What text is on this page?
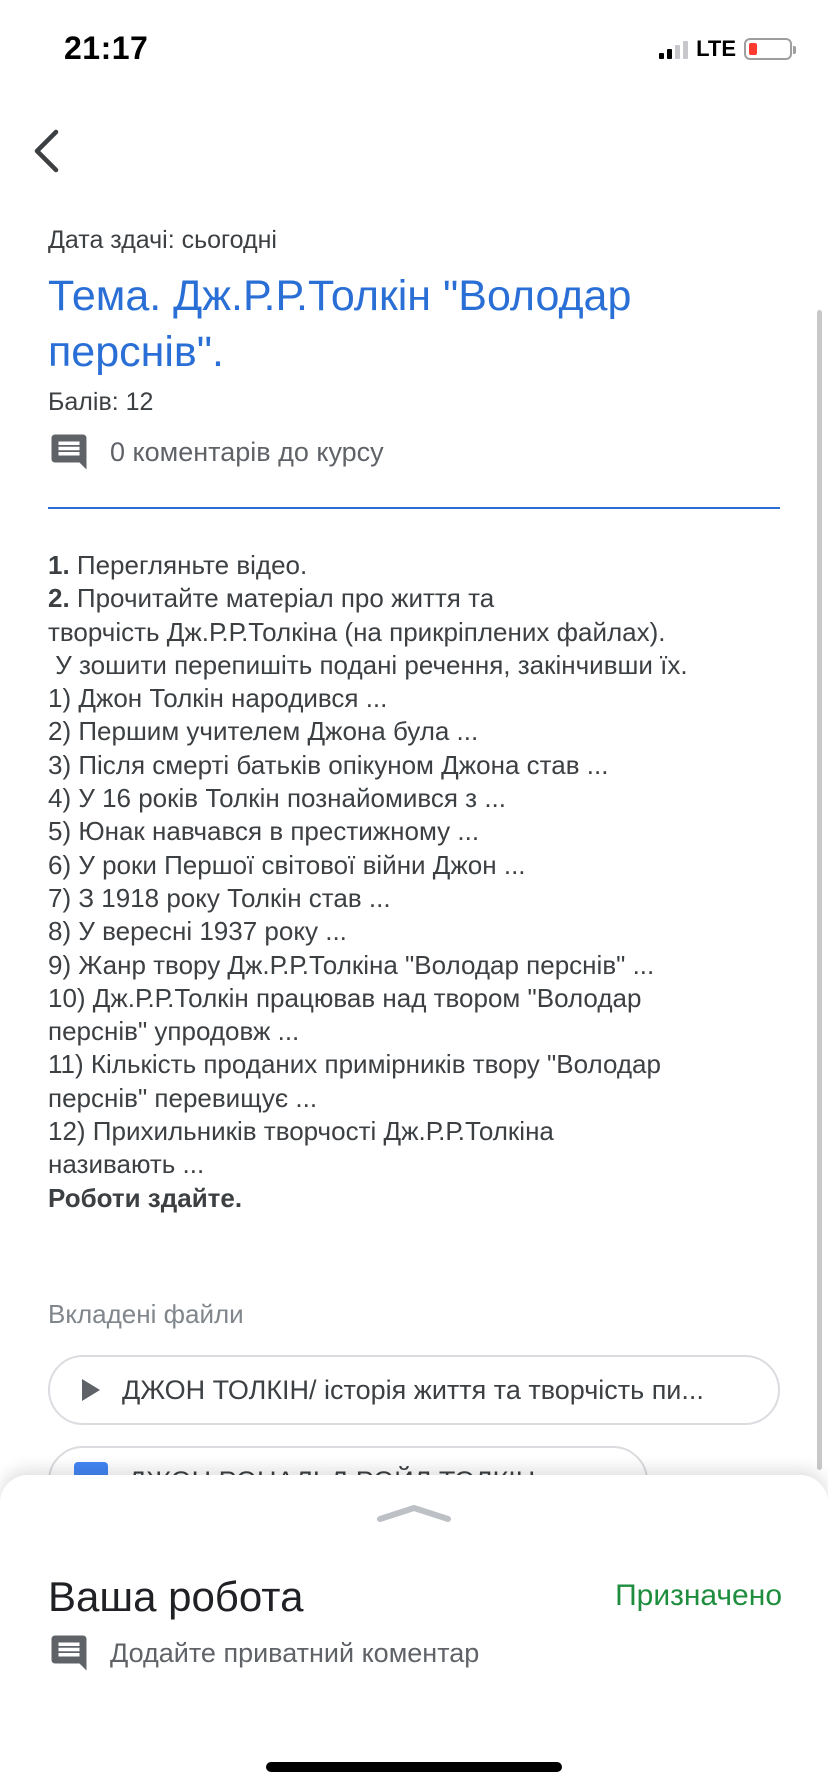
21:17	LTE
Дата здачі: сьогодні
Тема. Дж.Р.Р.Толкін "Володар перснів".
Балів: 12
0 коментарів до курсу
1. Перегляньте відео.
2. Прочитайте матеріал про життя та
творчість Дж.Р.Р.Толкіна (на прикріплених файлах).
У зошити перепишіть подані речення, закінчивши їх.
1) Джон Толкін народився ...
2) Першим учителем Джона була ...
3) Після смерті батьків опікуном Джона став ...
4) У 16 років Толкін познайомився з ...
5) Юнак навчався в престижному ...
6) У роки Першої світової війни Джон ...
7) З 1918 року Толкін став ...
8) У вересні 1937 року ...
9) Жанр твору Дж.Р.Р.Толкіна "Володар перснів" ...
10) Дж.Р.Р.Толкін працював над твором "Володар
перснів" упродовж ...
11) Кількість проданих примірників твору "Володар
перснів" перевищує ...
12) Прихильників творчості Дж.Р.Р.Толкіна
називають ...
Роботи здайте.
Вкладені файли
ДЖОН ТОЛКІН/ історія життя та творчість пи...
Ваша робота	Призначено
Додайте приватний коментар
